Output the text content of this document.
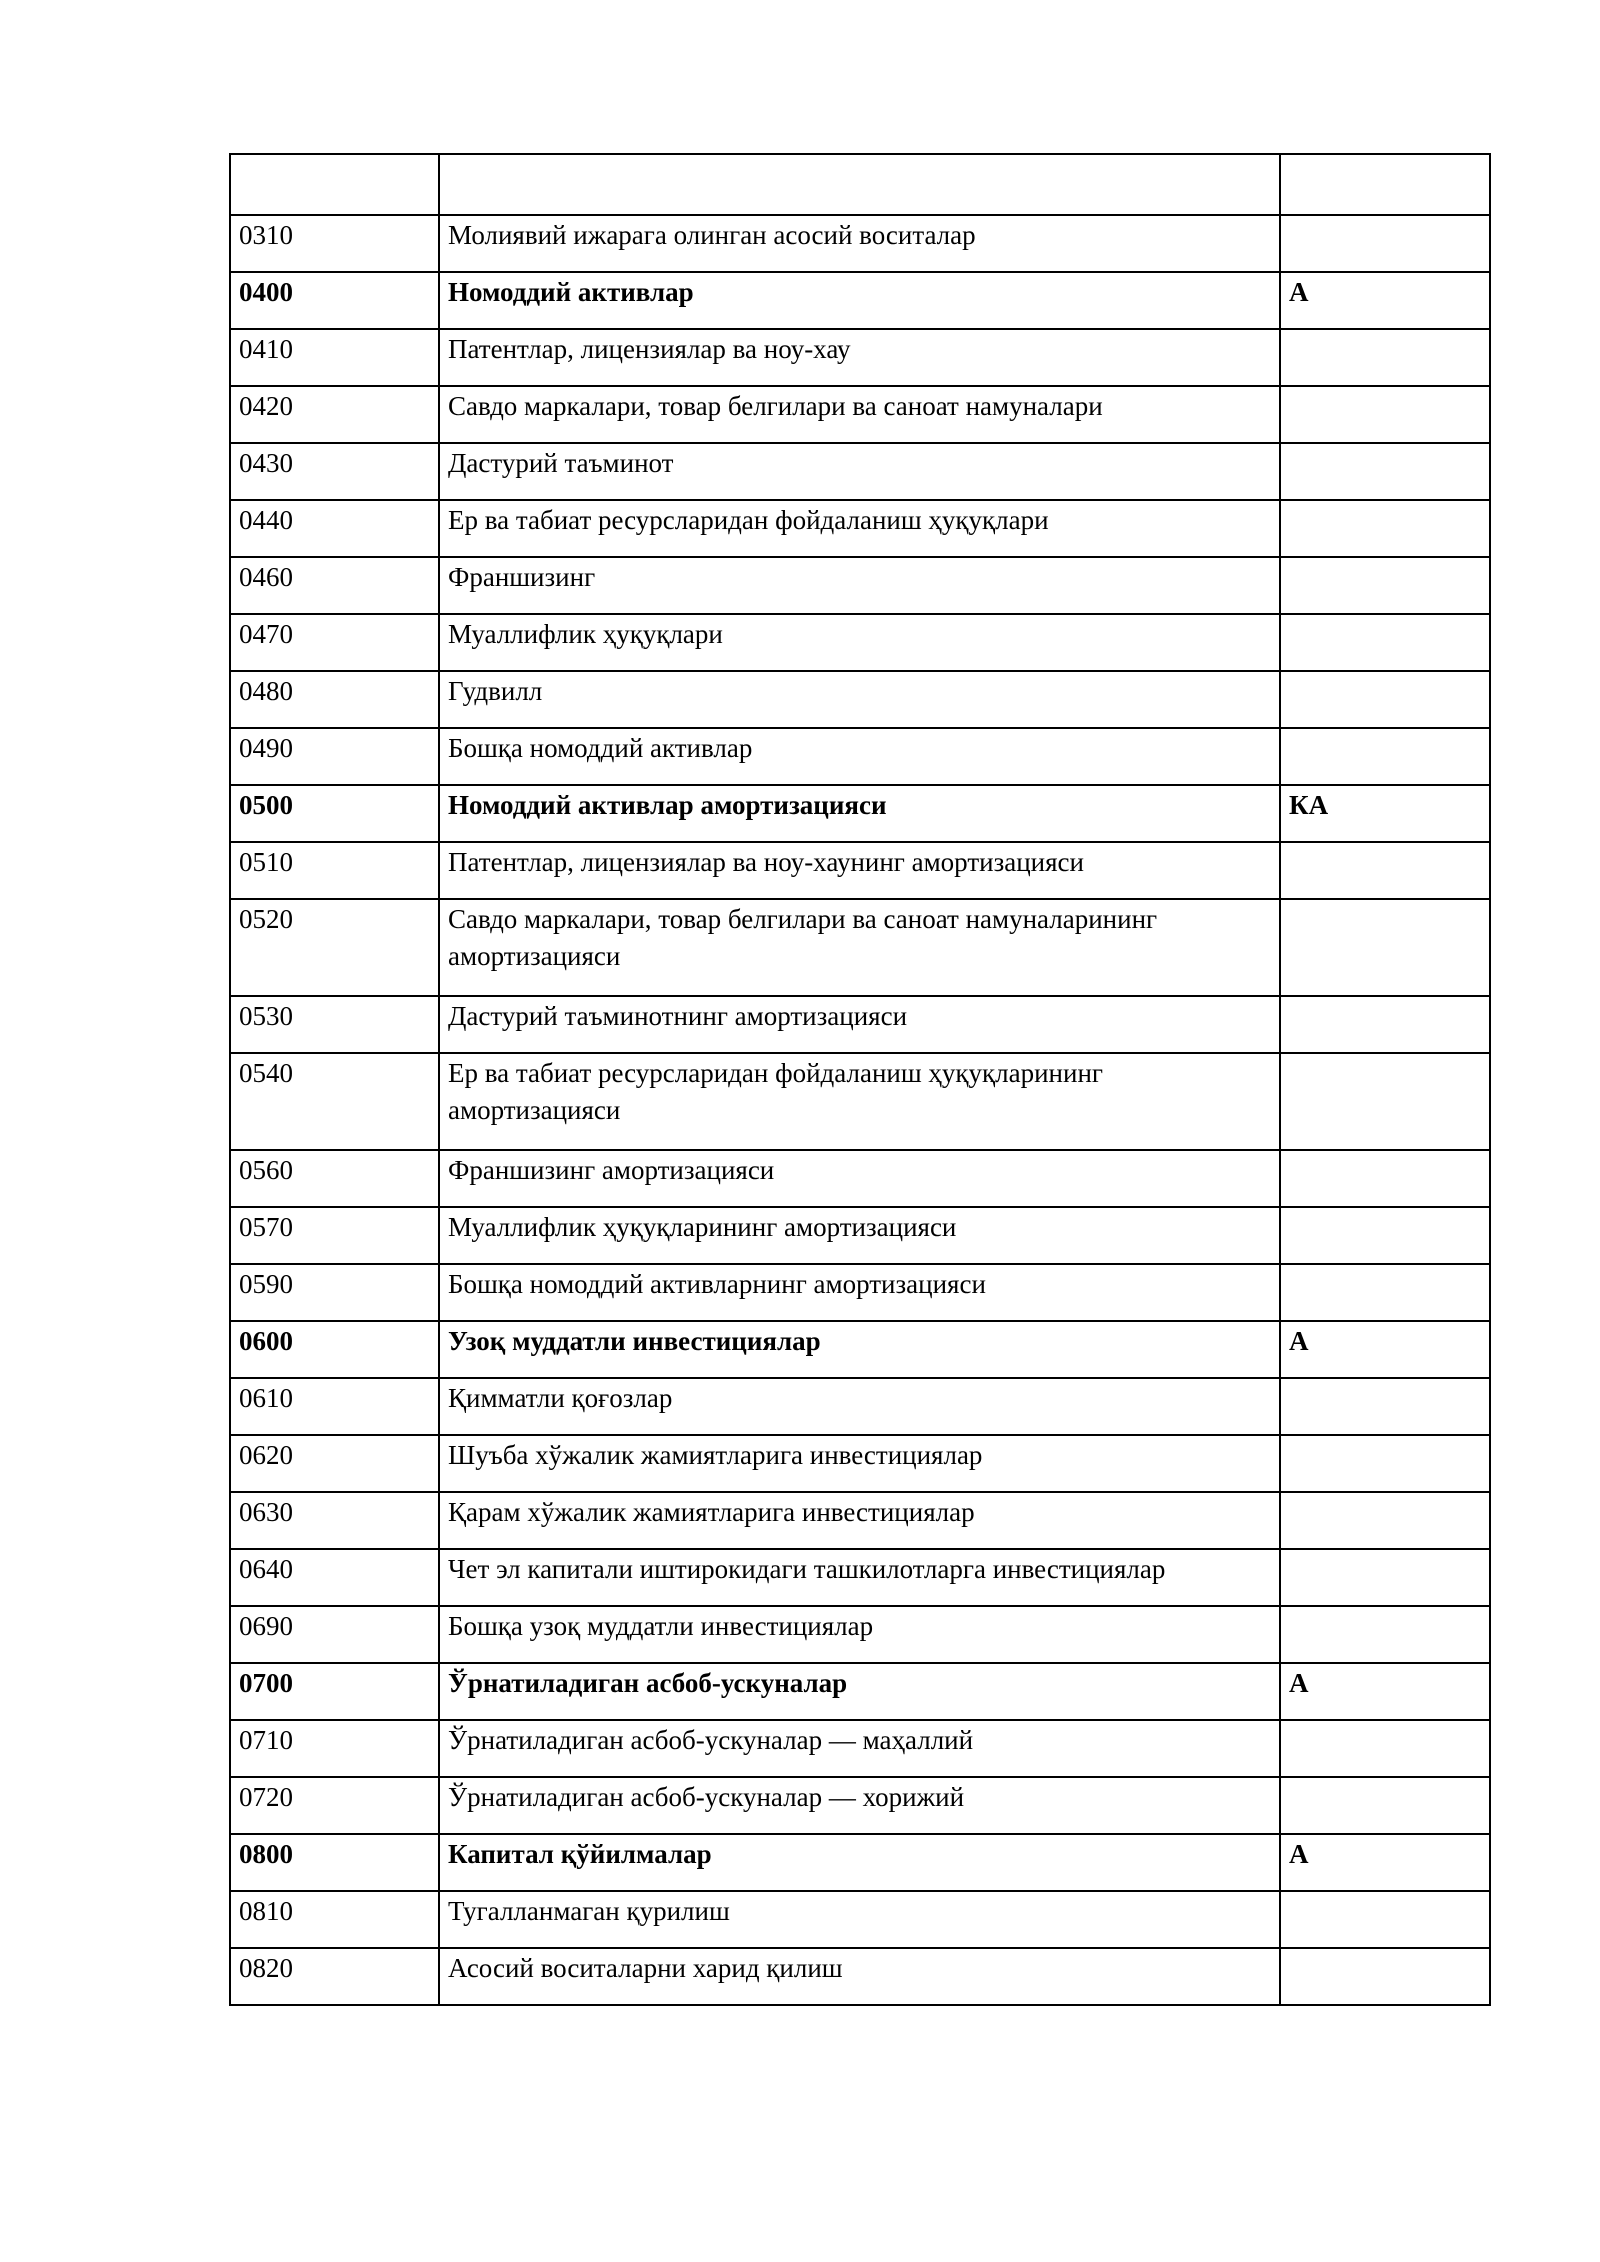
0310	Молиявий ижарага олинган асосий воситалар	
0400	Номоддий активлар	А
0410	Патентлар, лицензиялар ва ноу-хау	
0420	Савдо маркалари, товар белгилари ва саноат намуналари	
0430	Дастурий таъминот	
0440	Ер ва табиат ресурсларидан фойдаланиш ҳуқуқлари	
0460	Франшизинг	
0470	Муаллифлик ҳуқуқлари	
0480	Гудвилл	
0490	Бошқа номоддий активлар	
0500	Номоддий активлар амортизацияси	КА
0510	Патентлар, лицензиялар ва ноу-хаунинг амортизацияси	
0520	Савдо маркалари, товар белгилари ва саноат намуналарининг амортизацияси	
0530	Дастурий таъминотнинг амортизацияси	
0540	Ер ва табиат ресурсларидан фойдаланиш ҳуқуқларининг амортизацияси	
0560	Франшизинг амортизацияси	
0570	Муаллифлик ҳуқуқларининг амортизацияси	
0590	Бошқа номоддий активларнинг амортизацияси	
0600	Узоқ муддатли инвестициялар	А
0610	Қимматли қоғозлар	
0620	Шуъба хўжалик жамиятларига инвестициялар	
0630	Қарам хўжалик жамиятларига инвестициялар	
0640	Чет эл капитали иштирокидаги ташкилотларга инвестициялар	
0690	Бошқа узоқ муддатли инвестициялар	
0700	Ўрнатиладиган асбоб-ускуналар	А
0710	Ўрнатиладиган асбоб-ускуналар — маҳаллий	
0720	Ўрнатиладиган асбоб-ускуналар — хорижий	
0800	Капитал қўйилмалар	А
0810	Тугалланмаган қурилиш	
0820	Асосий воситаларни харид қилиш	
